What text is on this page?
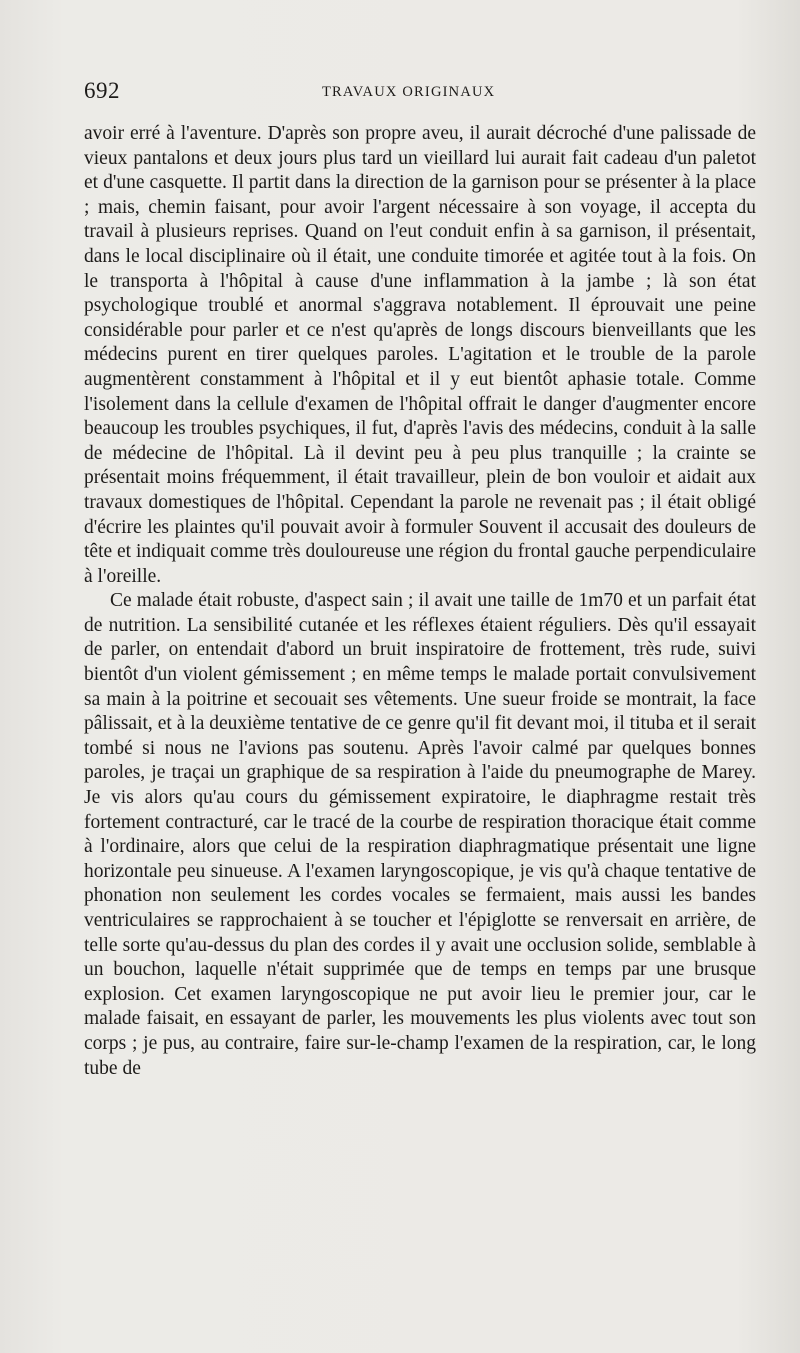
692	TRAVAUX ORIGINAUX

avoir erré à l'aventure. D'après son propre aveu, il aurait décroché d'une palissade de vieux pantalons et deux jours plus tard un vieillard lui aurait fait cadeau d'un paletot et d'une casquette. Il partit dans la direction de la garnison pour se présenter à la place ; mais, chemin faisant, pour avoir l'argent nécessaire à son voyage, il accepta du travail à plusieurs reprises. Quand on l'eut conduit enfin à sa garnison, il présentait, dans le local disciplinaire où il était, une conduite timorée et agitée tout à la fois. On le transporta à l'hôpital à cause d'une inflammation à la jambe ; là son état psychologique troublé et anormal s'aggrava notablement. Il éprouvait une peine considérable pour parler et ce n'est qu'après de longs discours bienveillants que les médecins purent en tirer quelques paroles. L'agitation et le trouble de la parole augmentèrent constamment à l'hôpital et il y eut bientôt aphasie totale. Comme l'isolement dans la cellule d'examen de l'hôpital offrait le danger d'augmenter encore beaucoup les troubles psychiques, il fut, d'après l'avis des médecins, conduit à la salle de médecine de l'hôpital. Là il devint peu à peu plus tranquille ; la crainte se présentait moins fréquemment, il était travailleur, plein de bon vouloir et aidait aux travaux domestiques de l'hôpital. Cependant la parole ne revenait pas ; il était obligé d'écrire les plaintes qu'il pouvait avoir à formuler Souvent il accusait des douleurs de tête et indiquait comme très douloureuse une région du frontal gauche perpendiculaire à l'oreille.

Ce malade était robuste, d'aspect sain ; il avait une taille de 1m70 et un parfait état de nutrition. La sensibilité cutanée et les réflexes étaient réguliers. Dès qu'il essayait de parler, on entendait d'abord un bruit inspiratoire de frottement, très rude, suivi bientôt d'un violent gémissement ; en même temps le malade portait convulsivement sa main à la poitrine et secouait ses vêtements. Une sueur froide se montrait, la face pâlissait, et à la deuxième tentative de ce genre qu'il fit devant moi, il tituba et il serait tombé si nous ne l'avions pas soutenu. Après l'avoir calmé par quelques bonnes paroles, je traçai un graphique de sa respiration à l'aide du pneumographe de Marey. Je vis alors qu'au cours du gémissement expiratoire, le diaphragme restait très fortement contracturé, car le tracé de la courbe de respiration thoracique était comme à l'ordinaire, alors que celui de la respiration diaphragmatique présentait une ligne horizontale peu sinueuse. A l'examen laryngoscopique, je vis qu'à chaque tentative de phonation non seulement les cordes vocales se fermaient, mais aussi les bandes ventriculaires se rapprochaient à se toucher et l'épiglotte se renversait en arrière, de telle sorte qu'au-dessus du plan des cordes il y avait une occlusion solide, semblable à un bouchon, laquelle n'était supprimée que de temps en temps par une brusque explosion. Cet examen laryngoscopique ne put avoir lieu le premier jour, car le malade faisait, en essayant de parler, les mouvements les plus violents avec tout son corps ; je pus, au contraire, faire sur-le-champ l'examen de la respiration, car, le long tube de
